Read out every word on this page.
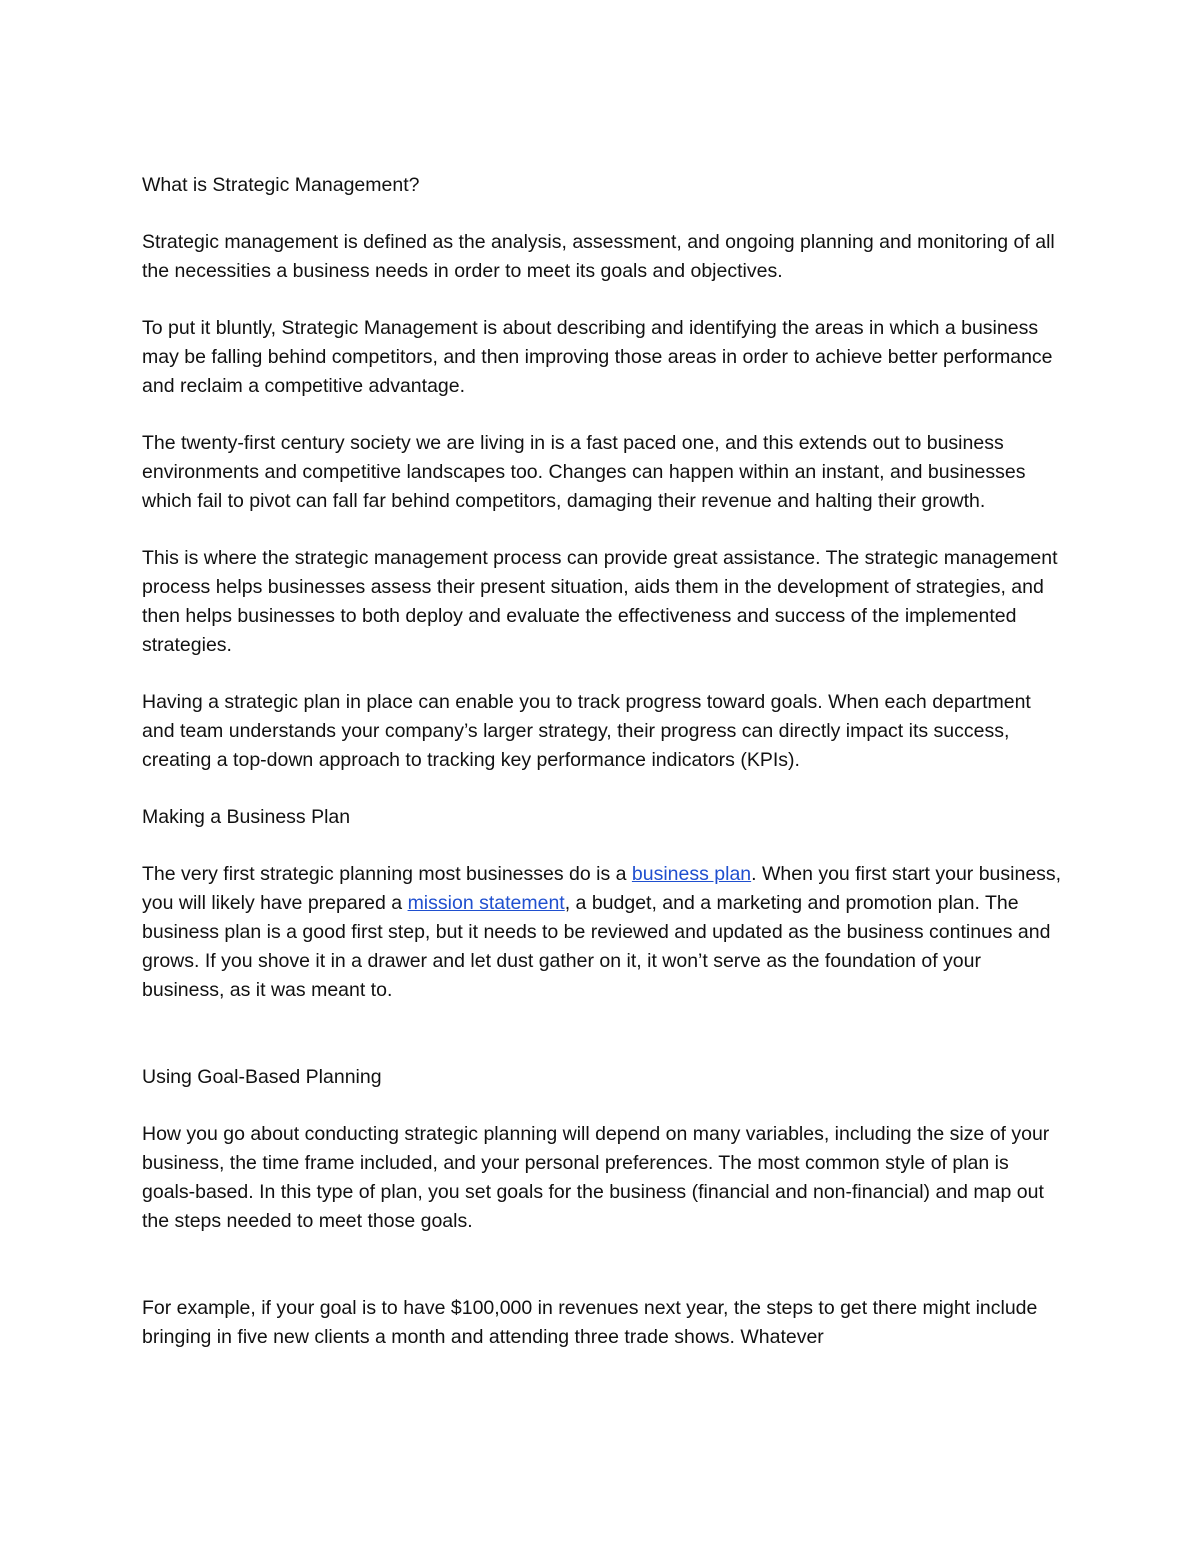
What is Strategic Management?

Strategic management is defined as the analysis, assessment, and ongoing planning and monitoring of all the necessities a business needs in order to meet its goals and objectives.

To put it bluntly, Strategic Management is about describing and identifying the areas in which a business may be falling behind competitors, and then improving those areas in order to achieve better performance and reclaim a competitive advantage.

The twenty-first century society we are living in is a fast paced one, and this extends out to business environments and competitive landscapes too. Changes can happen within an instant, and businesses which fail to pivot can fall far behind competitors, damaging their revenue and halting their growth.

This is where the strategic management process can provide great assistance. The strategic management process helps businesses assess their present situation, aids them in the development of strategies, and then helps businesses to both deploy and evaluate the effectiveness and success of the implemented strategies.

Having a strategic plan in place can enable you to track progress toward goals. When each department and team understands your company’s larger strategy, their progress can directly impact its success, creating a top-down approach to tracking key performance indicators (KPIs).

Making a Business Plan

The very first strategic planning most businesses do is a business plan. When you first start your business, you will likely have prepared a mission statement, a budget, and a marketing and promotion plan. The business plan is a good first step, but it needs to be reviewed and updated as the business continues and grows. If you shove it in a drawer and let dust gather on it, it won’t serve as the foundation of your business, as it was meant to.

Using Goal-Based Planning

How you go about conducting strategic planning will depend on many variables, including the size of your business, the time frame included, and your personal preferences. The most common style of plan is goals-based. In this type of plan, you set goals for the business (financial and non-financial) and map out the steps needed to meet those goals.

For example, if your goal is to have $100,000 in revenues next year, the steps to get there might include bringing in five new clients a month and attending three trade shows. Whatever
